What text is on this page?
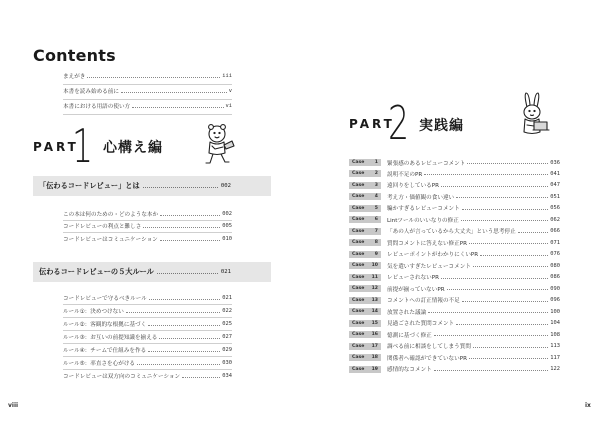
Contents
まえがき	iii
本書を読み始める前に	v
本書における用語の使い方	vi
PART
1 心構え編
「伝わるコードレビュー」とは	002
この本は何のための・どのような本か	002
コードレビューの利点と難しさ	005
コードレビューはコミュニケーション	010
伝わるコードレビューの５大ルール	021
コードレビューで守るべきルール	021
ルール①：決めつけない	022
ルール②：客観的な根拠に基づく	025
ルール③：お互いの前提知識を揃える	027
ルール④：チームで仕組みを作る	029
ルール⑤：率直さを心がける	030
コードレビューは双方向のコミュニケーション	034
viii	ix
PART
2 実践編
Case 1 緊張感のあるレビューコメント	036
Case 2 説明不足のPR	041
Case 3 遠回りをしているPR	047
Case 4 考え方・価値観の食い違い	051
Case 5 騙かすぎるレビューコメント	056
Case 6 Lintツールのいいなりの修正	062
Case 7 「あの人が言っているから大丈夫」という思考停止	066
Case 8 質問コメントに答えない修正PR	071
Case 9 レビューポイントがわかりにくいPR	076
Case 10 気を遣いすぎたレビューコメント	080
Case 11 レビューされないPR	086
Case 12 前提が揃っていないPR	090
Case 13 コメントへの訂正情報の不足	096
Case 14 放置された議論	100
Case 15 見過ごされた質問コメント	104
Case 16 憶測に基づく修正	108
Case 17 調べる前に相談をしてしまう質問	113
Case 18 関係者へ確認ができていないPR	117
Case 19 感情的なコメント	122
